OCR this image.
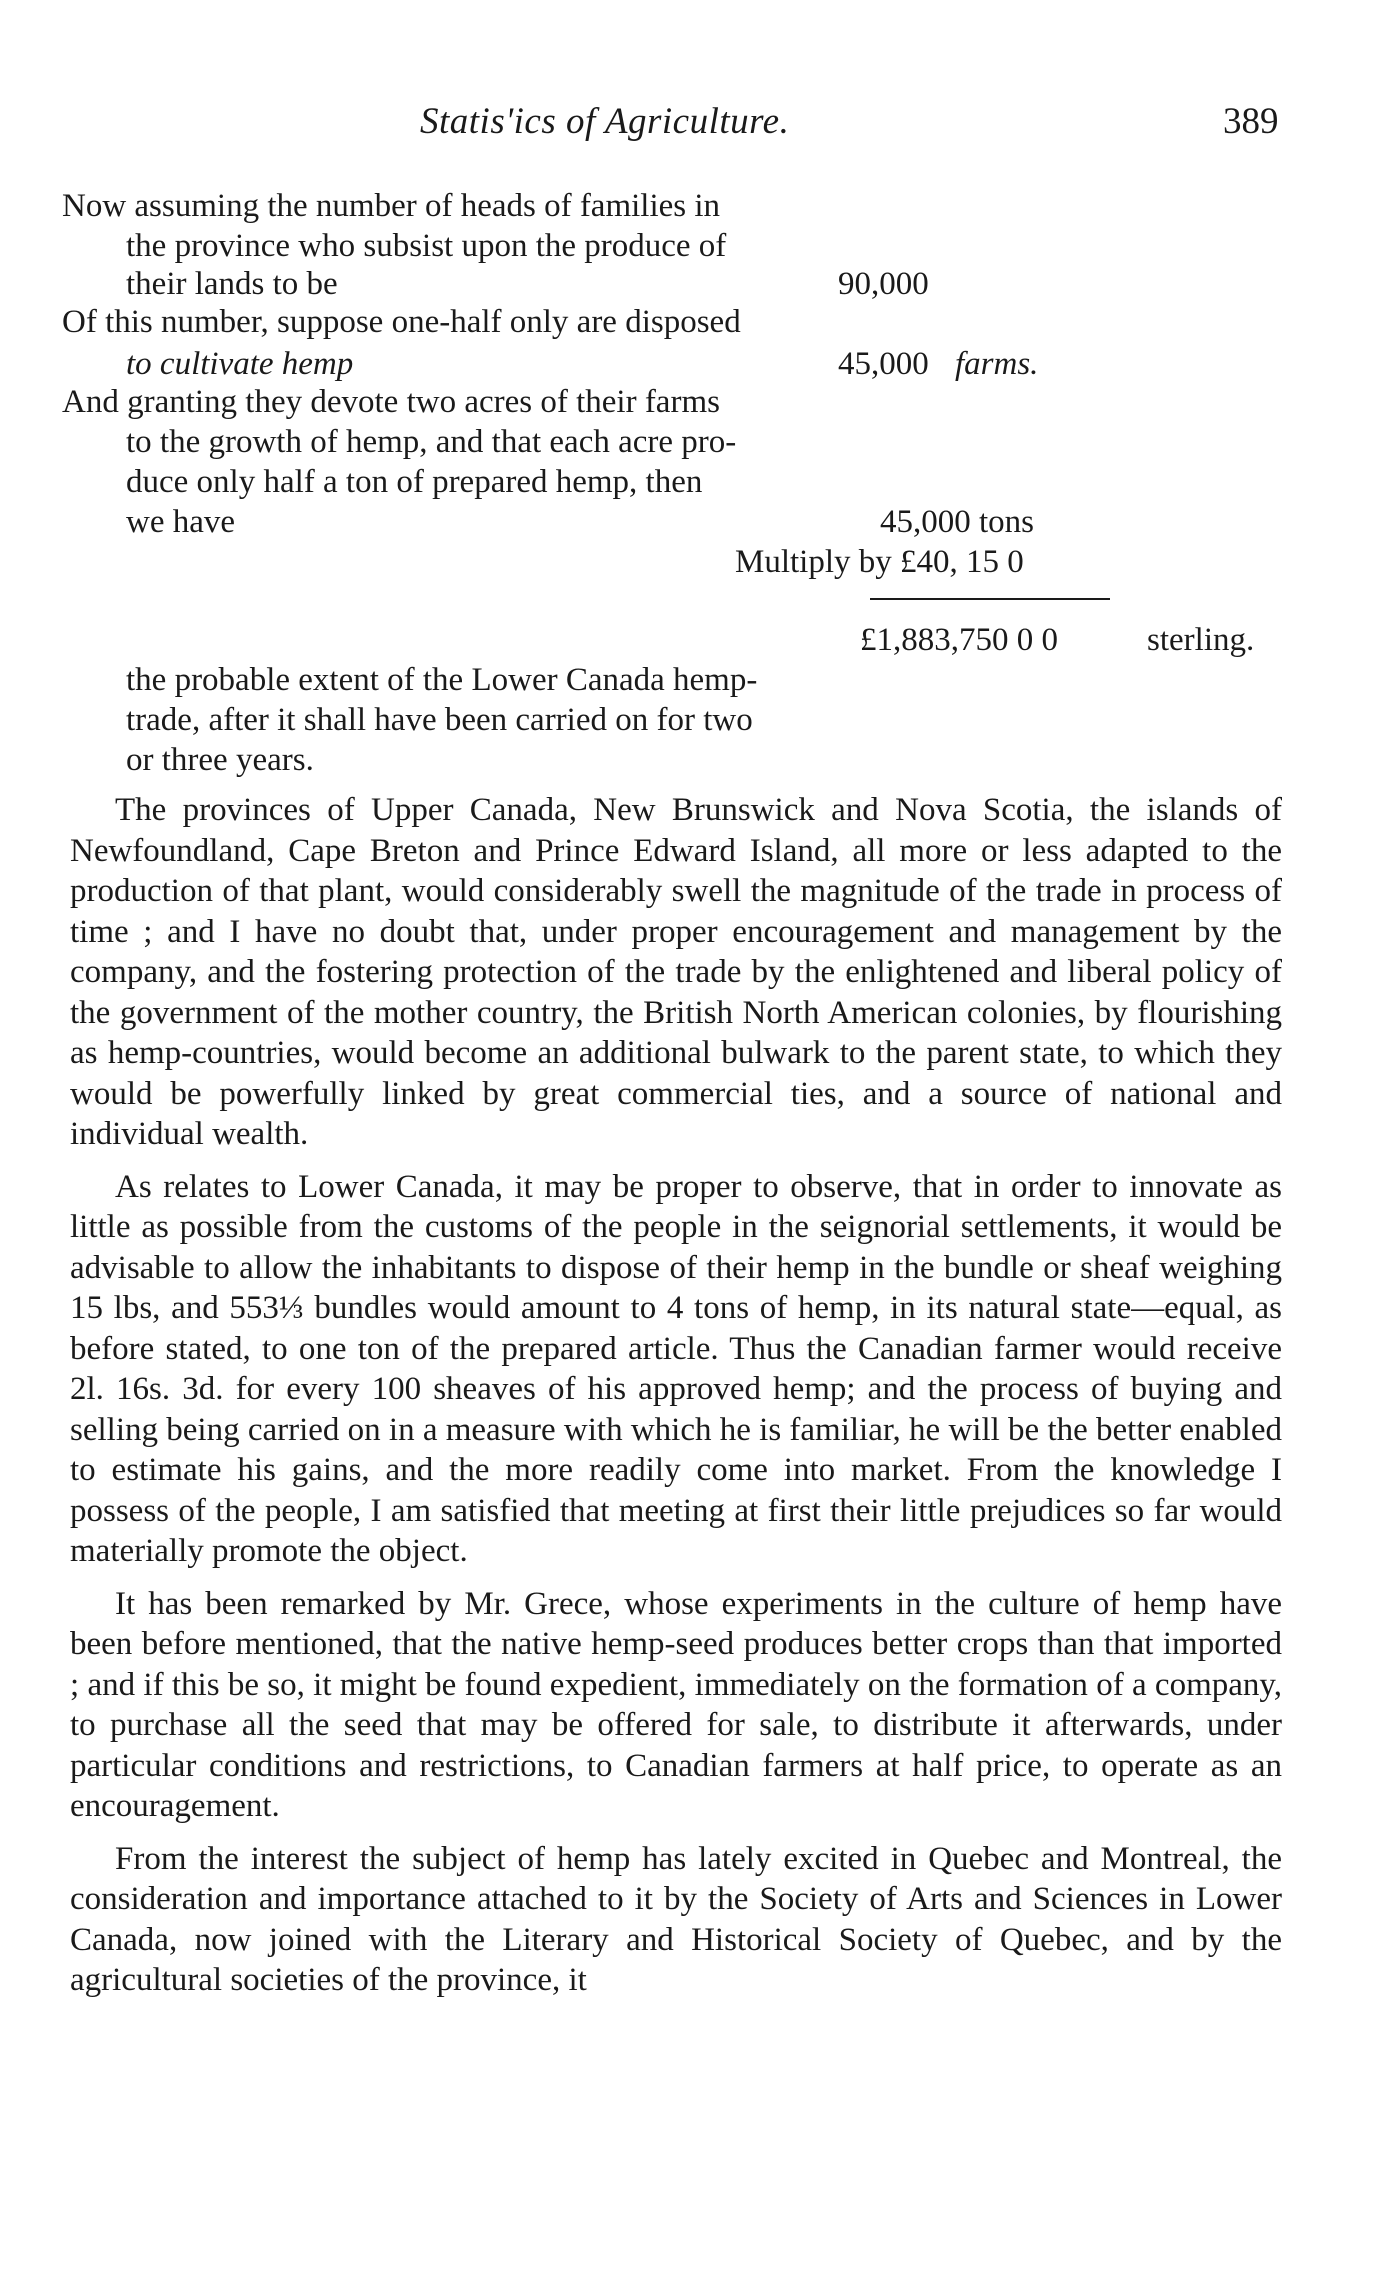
Statis'ics of Agriculture.	389
Now assuming the number of heads of families in
the province who subsist upon the produce of
their lands to be	90,000
Of this number, suppose one-half only are disposed
to cultivate hemp	45,000 farms.
And granting they devote two acres of their farms
to the growth of hemp, and that each acre pro-
duce only half a ton of prepared hemp, then
we have	45,000 tons
Multiply by £40, 15 0
£1,883,750 0 0	sterling.
the probable extent of the Lower Canada hemp-
trade, after it shall have been carried on for two
or three years.

The provinces of Upper Canada, New Brunswick and Nova Scotia, the islands of Newfoundland, Cape Breton and Prince Edward Island, all more or less adapted to the production of that plant, would considerably swell the magnitude of the trade in process of time ; and I have no doubt that, under proper encouragement and management by the company, and the fostering protection of the trade by the enlightened and liberal policy of the government of the mother country, the British North American colonies, by flourishing as hemp-countries, would become an additional bulwark to the parent state, to which they would be powerfully linked by great commercial ties, and a source of national and individual wealth.

As relates to Lower Canada, it may be proper to observe, that in order to innovate as little as possible from the customs of the people in the seignorial settlements, it would be advisable to allow the inhabitants to dispose of their hemp in the bundle or sheaf weighing 15 lbs, and 553⅓ bundles would amount to 4 tons of hemp, in its natural state—equal, as before stated, to one ton of the prepared article. Thus the Canadian farmer would receive 2l. 16s. 3d. for every 100 sheaves of his approved hemp; and the process of buying and selling being carried on in a measure with which he is familiar, he will be the better enabled to estimate his gains, and the more readily come into market. From the knowledge I possess of the people, I am satisfied that meeting at first their little prejudices so far would materially promote the object.

It has been remarked by Mr. Grece, whose experiments in the culture of hemp have been before mentioned, that the native hemp-seed produces better crops than that imported ; and if this be so, it might be found expedient, immediately on the formation of a company, to purchase all the seed that may be offered for sale, to distribute it afterwards, under particular conditions and restrictions, to Canadian farmers at half price, to operate as an encouragement.

From the interest the subject of hemp has lately excited in Quebec and Montreal, the consideration and importance attached to it by the Society of Arts and Sciences in Lower Canada, now joined with the Literary and Historical Society of Quebec, and by the agricultural societies of the province, it
